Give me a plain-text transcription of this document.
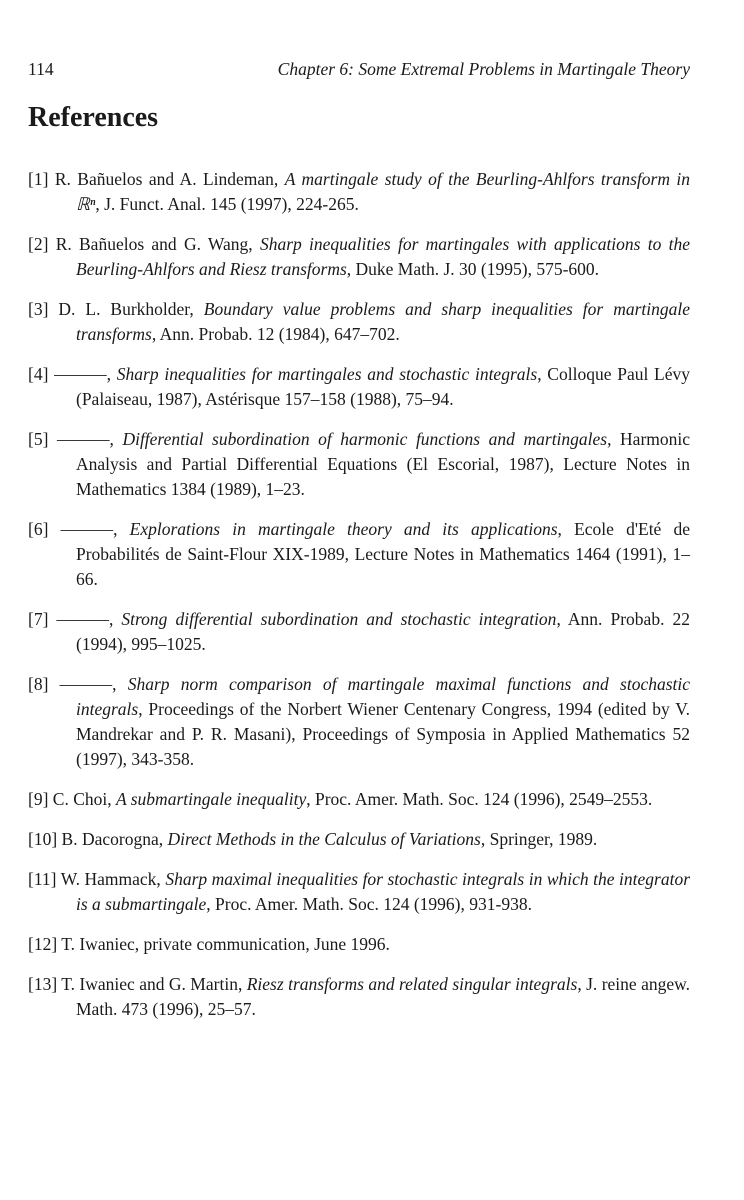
114	Chapter 6: Some Extremal Problems in Martingale Theory
References
[1] R. Bañuelos and A. Lindeman, A martingale study of the Beurling-Ahlfors transform in ℝⁿ, J. Funct. Anal. 145 (1997), 224-265.
[2] R. Bañuelos and G. Wang, Sharp inequalities for martingales with applications to the Beurling-Ahlfors and Riesz transforms, Duke Math. J. 30 (1995), 575-600.
[3] D. L. Burkholder, Boundary value problems and sharp inequalities for martingale transforms, Ann. Probab. 12 (1984), 647–702.
[4] ———, Sharp inequalities for martingales and stochastic integrals, Colloque Paul Lévy (Palaiseau, 1987), Astérisque 157–158 (1988), 75–94.
[5] ———, Differential subordination of harmonic functions and martingales, Harmonic Analysis and Partial Differential Equations (El Escorial, 1987), Lecture Notes in Mathematics 1384 (1989), 1–23.
[6] ———, Explorations in martingale theory and its applications, Ecole d'Eté de Probabilités de Saint-Flour XIX-1989, Lecture Notes in Mathematics 1464 (1991), 1–66.
[7] ———, Strong differential subordination and stochastic integration, Ann. Probab. 22 (1994), 995–1025.
[8] ———, Sharp norm comparison of martingale maximal functions and stochastic integrals, Proceedings of the Norbert Wiener Centenary Congress, 1994 (edited by V. Mandrekar and P. R. Masani), Proceedings of Symposia in Applied Mathematics 52 (1997), 343-358.
[9] C. Choi, A submartingale inequality, Proc. Amer. Math. Soc. 124 (1996), 2549–2553.
[10] B. Dacorogna, Direct Methods in the Calculus of Variations, Springer, 1989.
[11] W. Hammack, Sharp maximal inequalities for stochastic integrals in which the integrator is a submartingale, Proc. Amer. Math. Soc. 124 (1996), 931-938.
[12] T. Iwaniec, private communication, June 1996.
[13] T. Iwaniec and G. Martin, Riesz transforms and related singular integrals, J. reine angew. Math. 473 (1996), 25–57.
